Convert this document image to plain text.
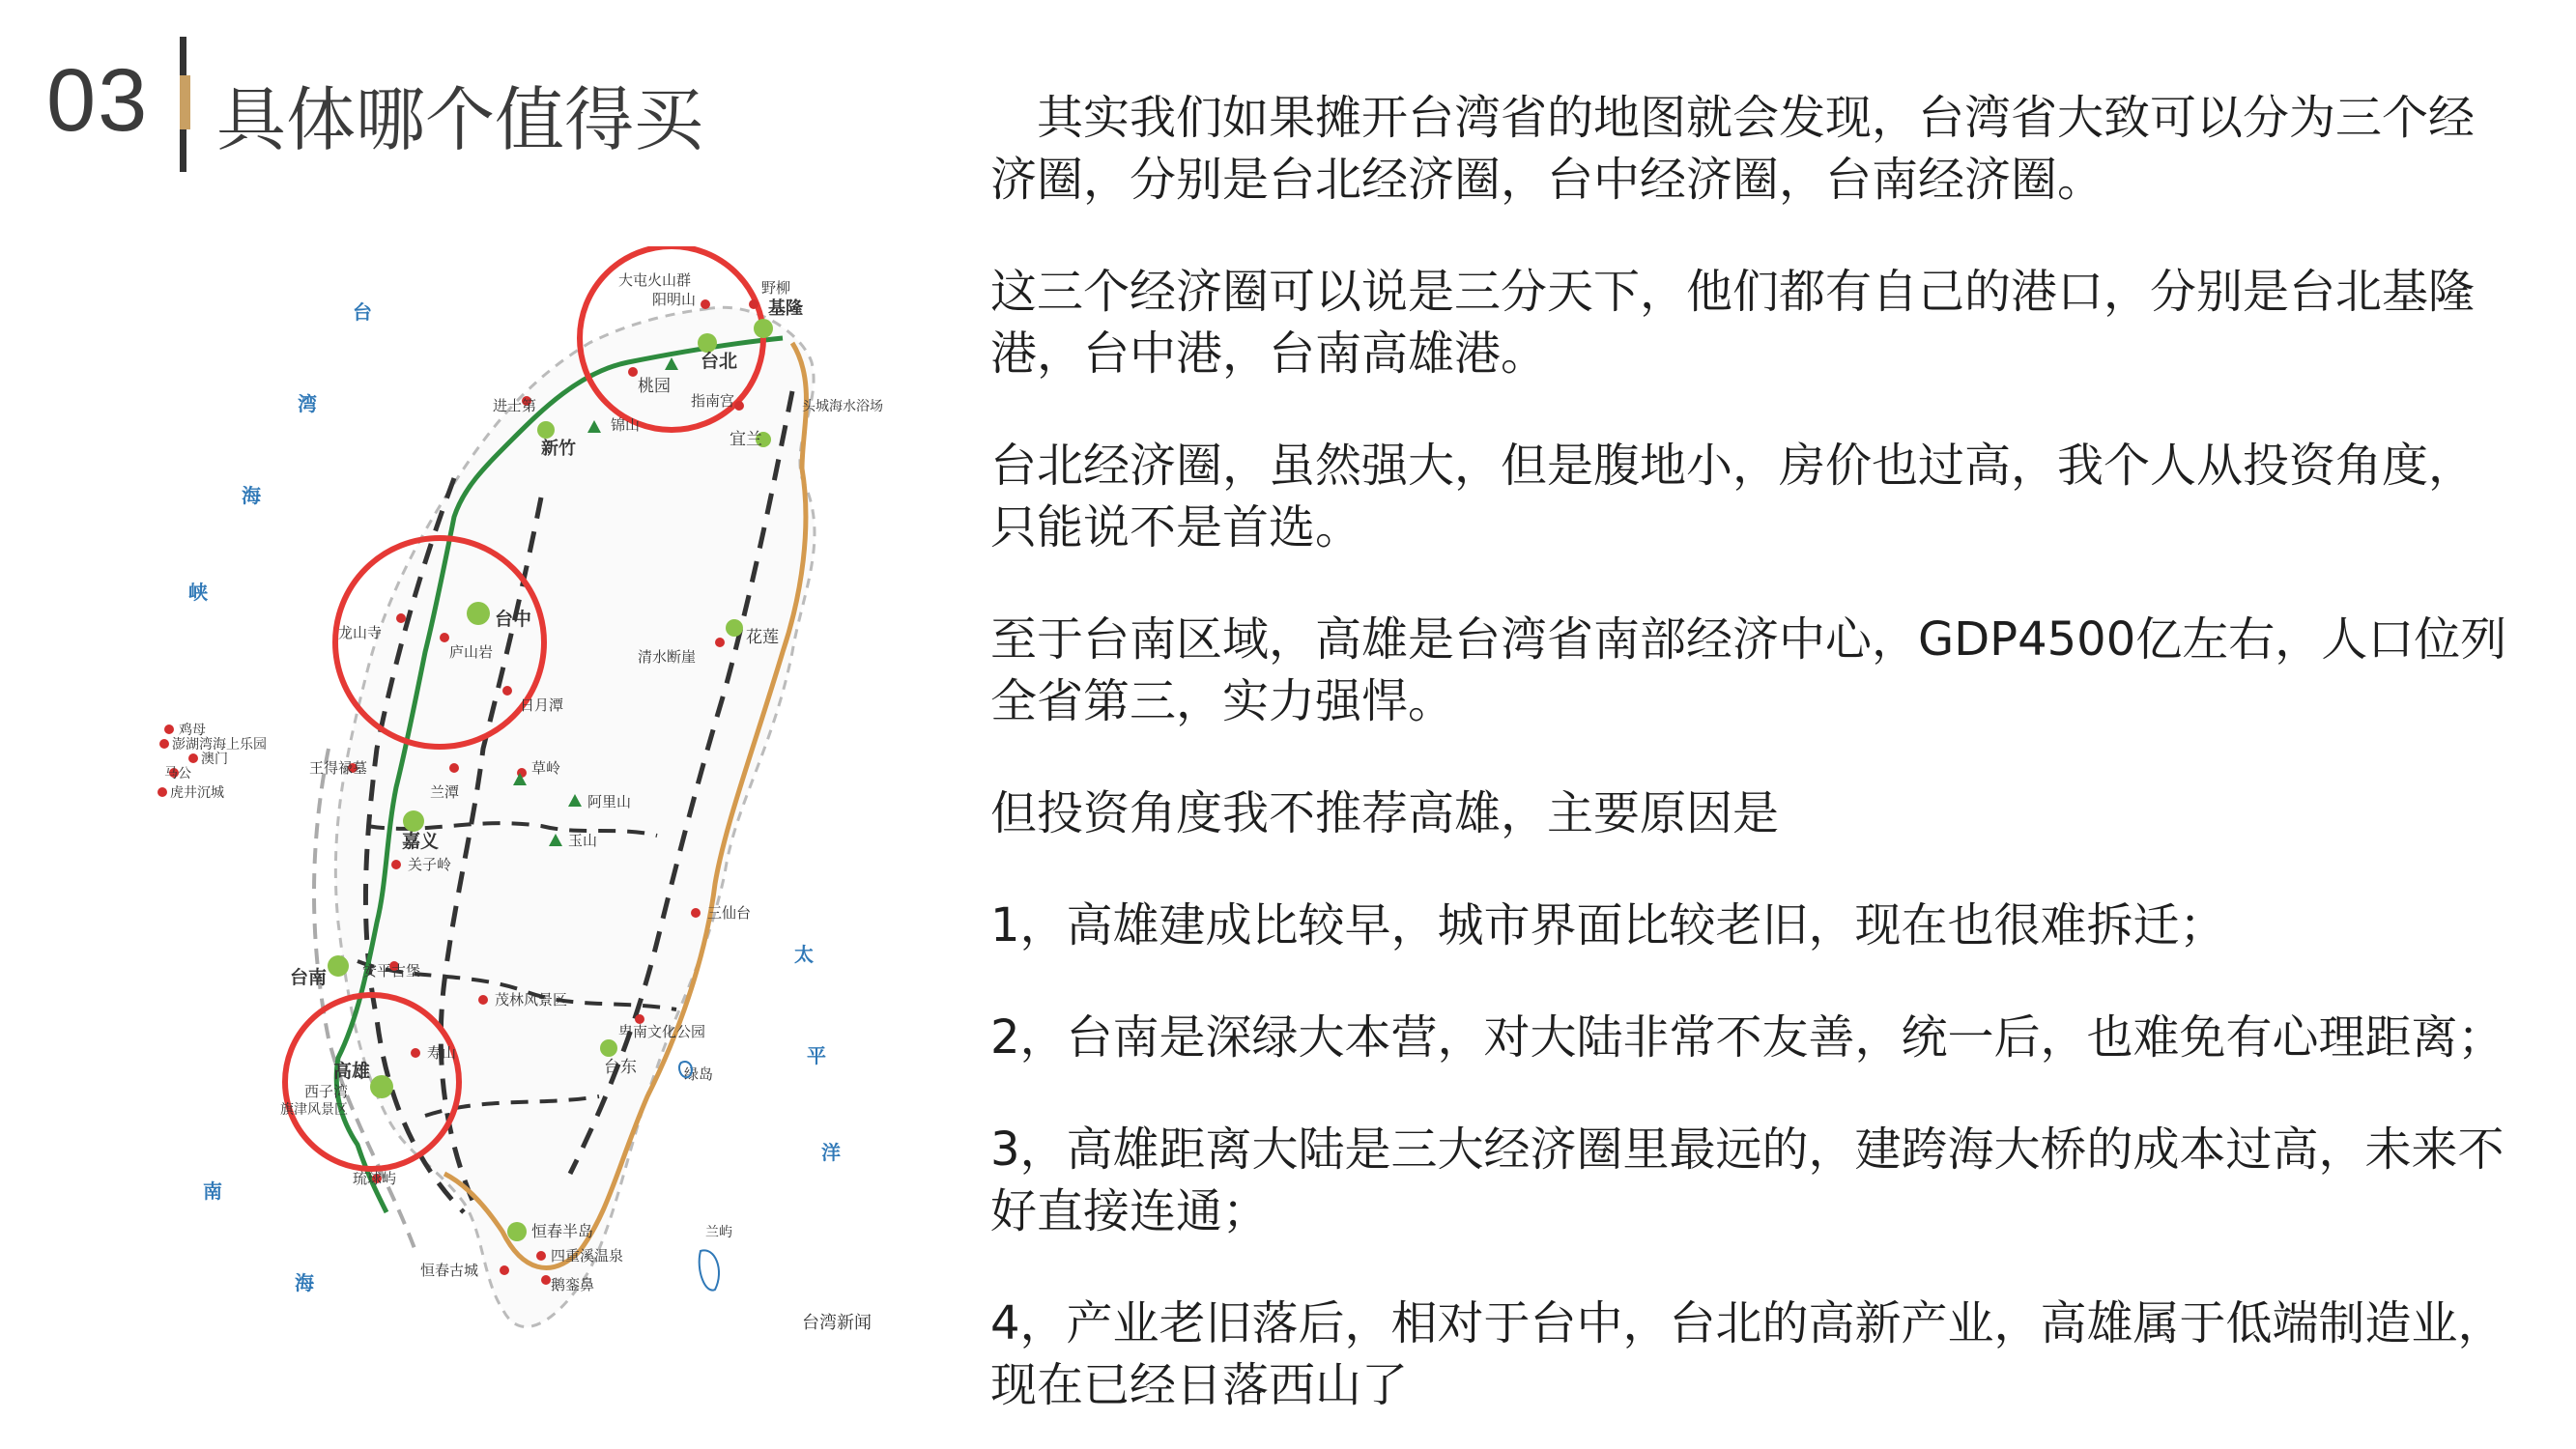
03 具体哪个值得买
台北
基隆
桃园
新竹
台中
嘉义
台南
高雄
宜兰
花莲
台东
大屯火山群
阳明山
野柳
指南宫	头城海水浴场
进士第
锦山
龙山寺
庐山岩
日月潭
清水断崖
草岭
王得禄墓
兰潭
阿里山
玉山
关子岭
三仙台
安平古堡
茂林风景区
卑南文化公园
绿岛
寿山
西子湾
旗津风景区
琉球屿
恒春半岛
恒春古城
四重溪温泉
鹅銮鼻
兰屿
鸡母
澎湖湾海上乐园
澳门
马公
虎井沉城
台
湾
海
峡
太
平
洋
南
海
台湾新闻

其实我们如果摊开台湾省的地图就会发现，台湾省大致可以分为三个经济圈，分别是台北经济圈，台中经济圈，台南经济圈。

这三个经济圈可以说是三分天下，他们都有自己的港口，分别是台北基隆港，台中港，台南高雄港。

台北经济圈，虽然强大，但是腹地小，房价也过高，我个人从投资角度，只能说不是首选。

至于台南区域，高雄是台湾省南部经济中心，GDP4500亿左右，人口位列全省第三，实力强悍。

但投资角度我不推荐高雄，主要原因是

1，高雄建成比较早，城市界面比较老旧，现在也很难拆迁；

2，台南是深绿大本营，对大陆非常不友善，统一后，也难免有心理距离；

3，高雄距离大陆是三大经济圈里最远的，建跨海大桥的成本过高，未来不好直接连通；

4，产业老旧落后，相对于台中，台北的高新产业，高雄属于低端制造业，现在已经日落西山了
